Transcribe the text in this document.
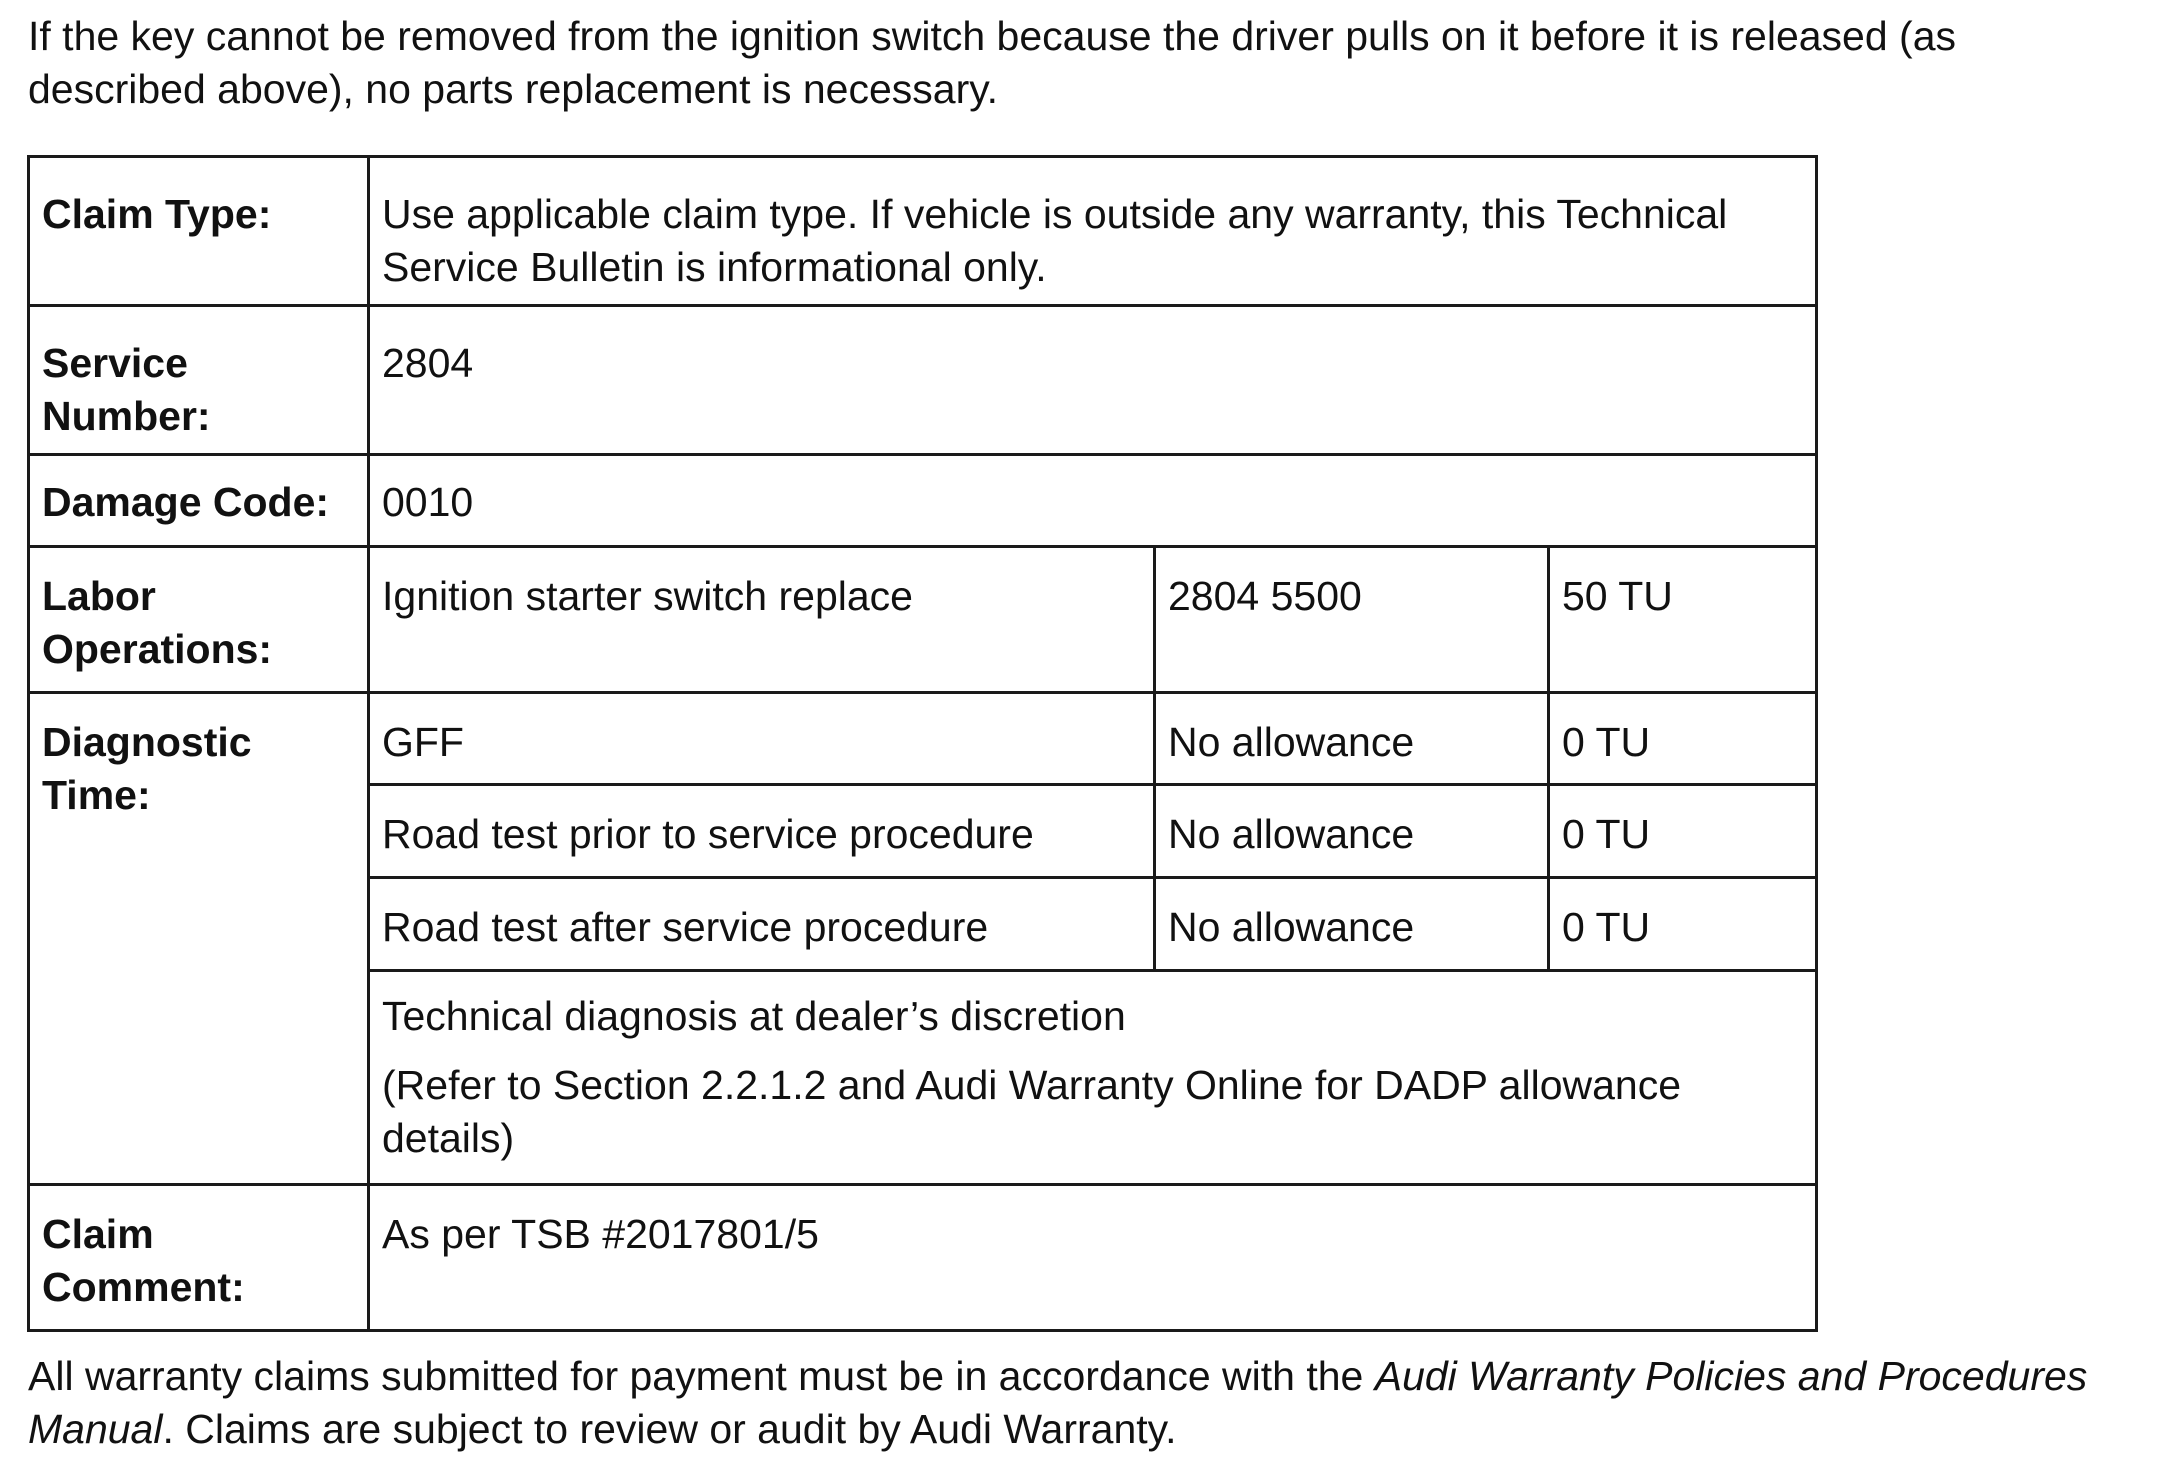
If the key cannot be removed from the ignition switch because the driver pulls on it before it is released (as described above), no parts replacement is necessary.

Claim Type:	Use applicable claim type. If vehicle is outside any warranty, this Technical Service Bulletin is informational only.		
Service Number:	2804		
Damage Code:	0010		
Labor Operations:	Ignition starter switch replace	2804 5500	50 TU
Diagnostic Time:	GFF	No allowance	0 TU
	Road test prior to service procedure	No allowance	0 TU
	Road test after service procedure	No allowance	0 TU

	Technical diagnosis at dealer’s discretion
(Refer to Section 2.2.1.2 and Audi Warranty Online for DADP allowance details)		

Claim Comment:	As per TSB #2017801/5		

All warranty claims submitted for payment must be in accordance with the Audi Warranty Policies and Procedures Manual. Claims are subject to review or audit by Audi Warranty.
